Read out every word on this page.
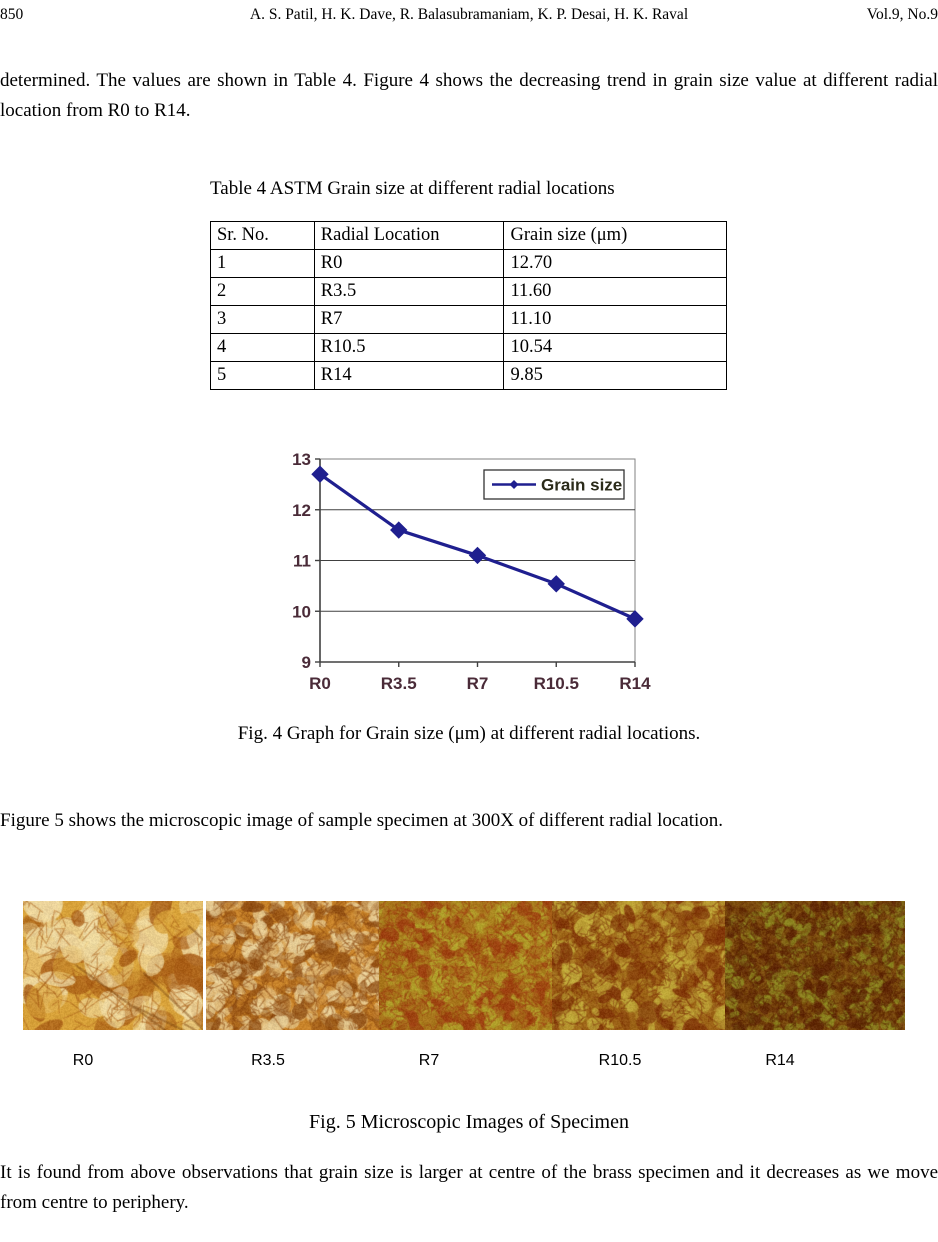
850	A. S. Patil, H. K. Dave, R. Balasubramaniam, K. P. Desai, H. K. Raval	Vol.9, No.9
determined. The values are shown in Table 4. Figure 4 shows the decreasing trend in grain size value at different radial location from R0 to R14.
Table 4 ASTM Grain size at different radial locations
Sr. No.	Radial Location	Grain size (μm)
1	R0	12.70
2	R3.5	11.60
3	R7	11.10
4	R10.5	10.54
5	R14	9.85
9
10
11
12
13
R0	R3.5	R7	R10.5 R14
Grain size
Fig. 4 Graph for Grain size (μm) at different radial locations.
Figure 5 shows the microscopic image of sample specimen at 300X of different radial location.
R0	R3.5	R7	R10.5	R14
Fig. 5 Microscopic Images of Specimen
It is found from above observations that grain size is larger at centre of the brass specimen and it decreases as we move from centre to periphery.
